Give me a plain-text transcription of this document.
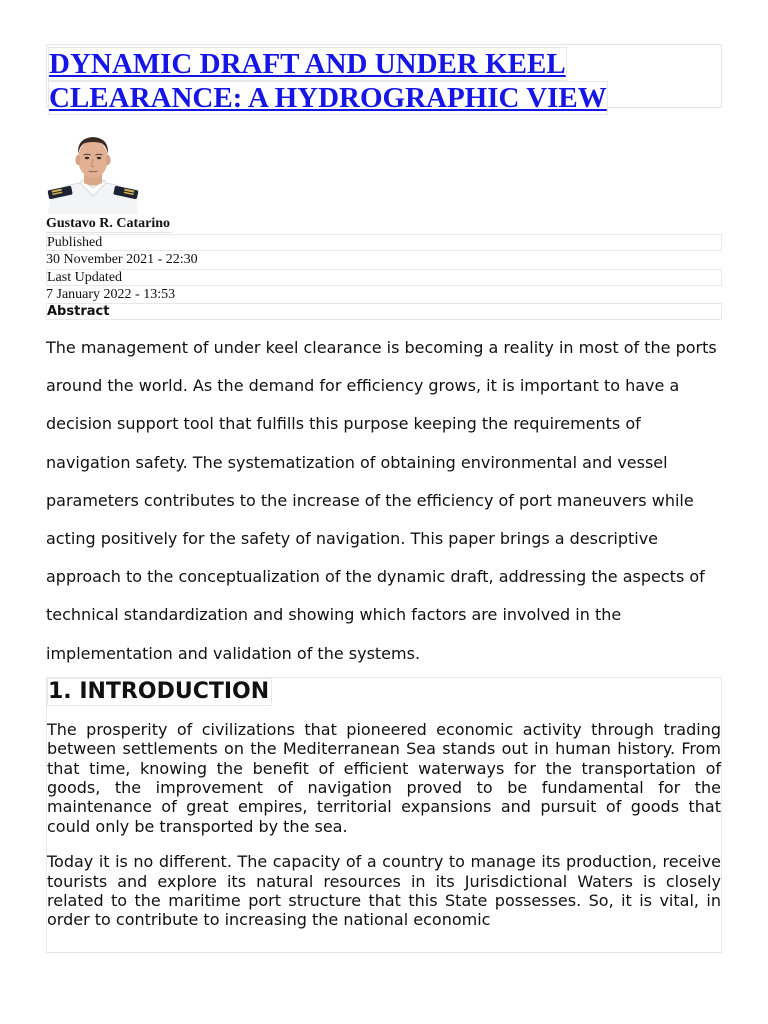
DYNAMIC DRAFT AND UNDER KEEL CLEARANCE: A HYDROGRAPHIC VIEW
Gustavo R. Catarino
Published
30 November 2021 - 22:30
Last Updated
7 January 2022 - 13:53
Abstract
The management of under keel clearance is becoming a reality in most of the ports around the world. As the demand for efficiency grows, it is important to have a decision support tool that fulfills this purpose keeping the requirements of navigation safety. The systematization of obtaining environmental and vessel parameters contributes to the increase of the efficiency of port maneuvers while acting positively for the safety of navigation. This paper brings a descriptive approach to the conceptualization of the dynamic draft, addressing the aspects of technical standardization and showing which factors are involved in the implementation and validation of the systems.
1. INTRODUCTION

The prosperity of civilizations that pioneered economic activity through trading between settlements on the Mediterranean Sea stands out in human history. From that time, knowing the benefit of efficient waterways for the transportation of goods, the improvement of navigation proved to be fundamental for the maintenance of great empires, territorial expansions and pursuit of goods that could only be transported by the sea.

Today it is no different. The capacity of a country to manage its production, receive tourists and explore its natural resources in its Jurisdictional Waters is closely related to the maritime port structure that this State possesses. So, it is vital, in order to contribute to increasing the national economic
